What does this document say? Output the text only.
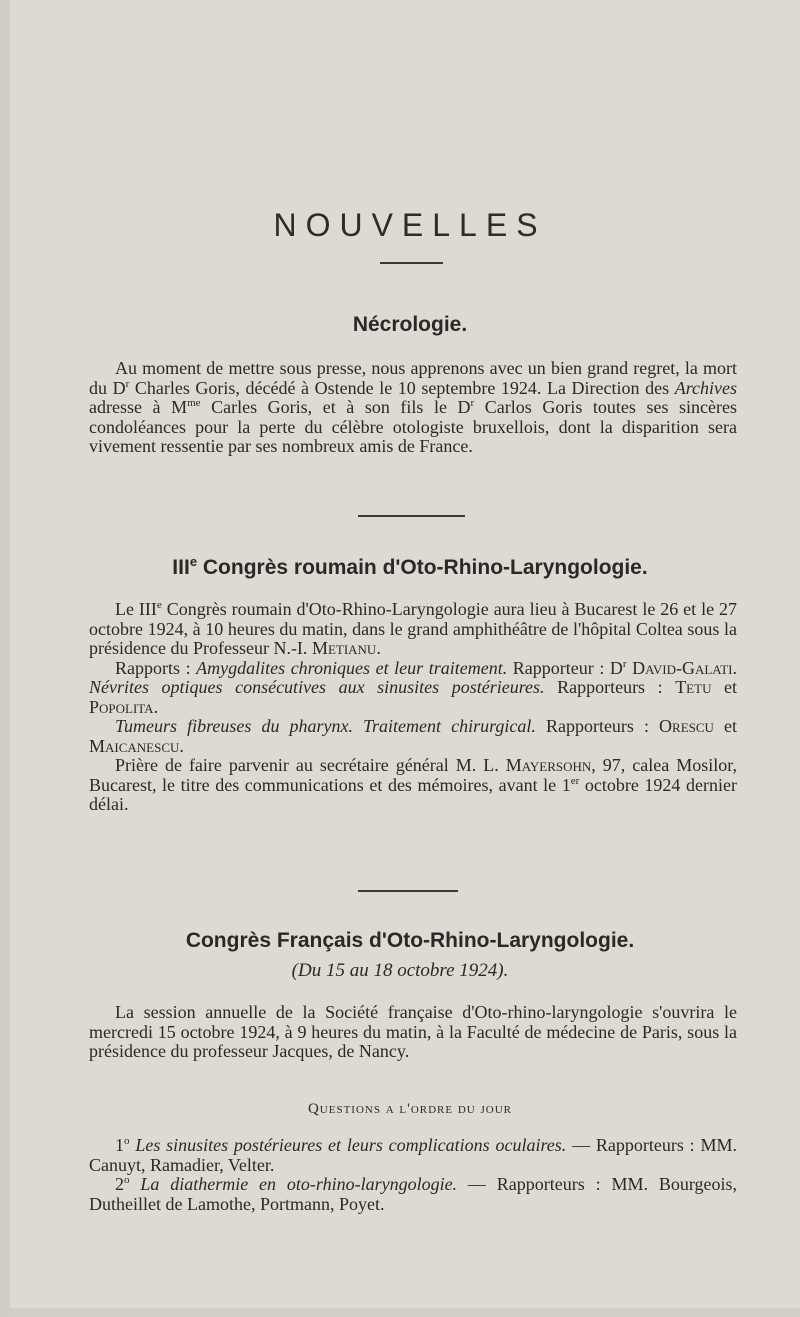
NOUVELLES
Nécrologie.

Au moment de mettre sous presse, nous apprenons avec un bien grand regret, la mort du $D^r$ Charles Goris, décédé à Ostende le 10 septembre 1924. La Direction des Archives adresse à $M^{me}$ Carles Goris, et à son fils le $D^r$ Carlos Goris toutes ses sincères condoléances pour la perte du célèbre otologiste bruxellois, dont la disparition sera vivement ressentie par ses nombreux amis de France.

IIIe Congrès roumain d'Oto-Rhino-Laryngologie.

Le IIIe Congrès roumain d'Oto-Rhino-Laryngologie aura lieu à Bucarest le 26 et le 27 octobre 1924, à 10 heures du matin, dans le grand amphithéâtre de l'hôpital Coltea sous la présidence du Professeur N.-I. Metianu.

Rapports : Amygdalites chroniques et leur traitement. Rapporteur : $D^r$ David-Galati. Névrites optiques consécutives aux sinusites postérieures. Rapporteurs : Tetu et Popolita.

Tumeurs fibreuses du pharynx. Traitement chirurgical. Rapporteurs : Orescu et Maicanescu.

Prière de faire parvenir au secrétaire général M. L. Mayersohn, 97, calea Mosilor, Bucarest, le titre des communications et des mémoires, avant le 1er octobre 1924 dernier délai.

Congrès Français d'Oto-Rhino-Laryngologie.
(Du 15 au 18 octobre 1924).

La session annuelle de la Société française d'Oto-rhino-laryngologie s'ouvrira le mercredi 15 octobre 1924, à 9 heures du matin, à la Faculté de médecine de Paris, sous la présidence du professeur Jacques, de Nancy.

Questions a l'ordre du jour

1$^o$ Les sinusites postérieures et leurs complications oculaires. — Rapporteurs : MM. Canuyt, Ramadier, Velter.

2$^o$ La diathermie en oto-rhino-laryngologie. — Rapporteurs : MM. Bourgeois, Dutheillet de Lamothe, Portmann, Poyet.
